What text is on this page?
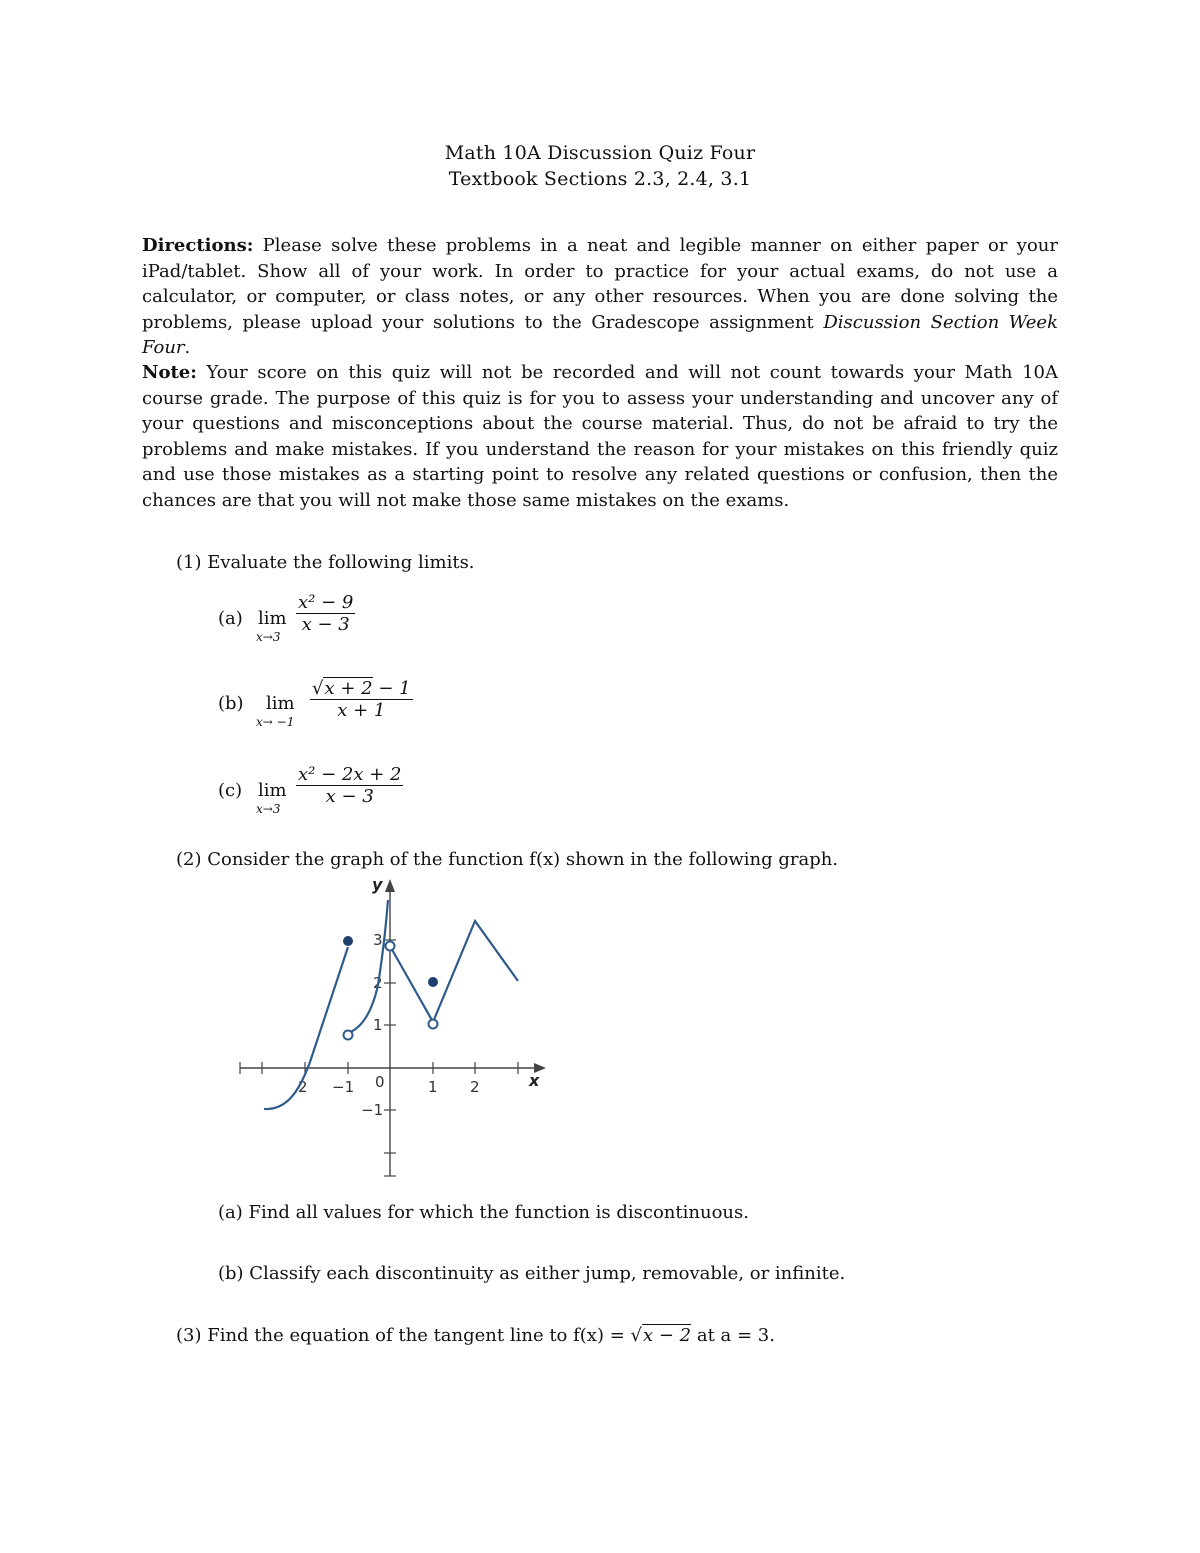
Math 10A Discussion Quiz Four
Textbook Sections 2.3, 2.4, 3.1
Directions: Please solve these problems in a neat and legible manner on either paper or your iPad/tablet. Show all of your work. In order to practice for your actual exams, do not use a calculator, or computer, or class notes, or any other resources. When you are done solving the problems, please upload your solutions to the Gradescope assignment Discussion Section Week Four.
Note: Your score on this quiz will not be recorded and will not count towards your Math 10A course grade. The purpose of this quiz is for you to assess your understanding and uncover any of your questions and misconceptions about the course material. Thus, do not be afraid to try the problems and make mistakes. If you understand the reason for your mistakes on this friendly quiz and use those mistakes as a starting point to resolve any related questions or confusion, then the chances are that you will not make those same mistakes on the exams.
(1) Evaluate the following limits.
(a) lim
x→3
x² − 9
x − 3
(b) lim
x→ −1
√x + 2 − 1
x + 1
(c) lim
x→3
x² − 2x + 2
x − 3
(2) Consider the graph of the function f(x) shown in the following graph.
y
x
2 −1 0	1 2
3
2
1
−1
(a) Find all values for which the function is discontinuous.
(b) Classify each discontinuity as either jump, removable, or infinite.
(3) Find the equation of the tangent line to f(x) = √x − 2 at a = 3.
